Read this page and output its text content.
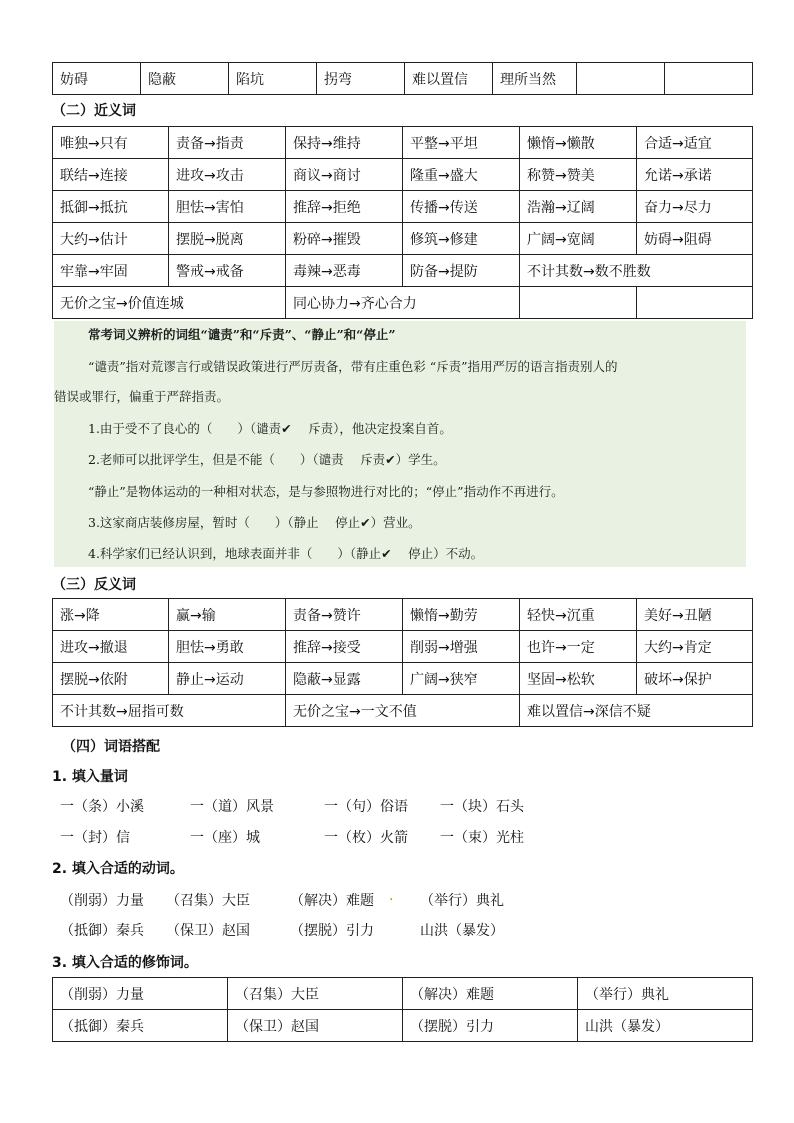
妨碍	隐蔽	陷坑	拐弯	难以置信	理所当然		
（二）近义词
唯独→只有	责备→指责	保持→维持	平整→平坦	懒惰→懒散	合适→适宜
联结→连接	进攻→攻击	商议→商讨	隆重→盛大	称赞→赞美	允诺→承诺
抵御→抵抗	胆怯→害怕	推辞→拒绝	传播→传送	浩瀚→辽阔	奋力→尽力
大约→估计	摆脱→脱离	粉碎→摧毁	修筑→修建	广阔→宽阔	妨碍→阻碍
牢靠→牢固	警戒→戒备	毒辣→恶毒	防备→提防	不计其数→数不胜数	
无价之宝→价值连城		同心协力→齐心合力			
常考词义辨析的词组“谴责”和“斥责”、“静止”和“停止”
“谴责”指对荒谬言行或错误政策进行严厉责备，带有庄重色彩 “斥责”指用严厉的语言指责别人的
错误或罪行，偏重于严辞指责。
1.由于受不了良心的（　　）（谴责✔　 斥责），他决定投案自首。
2.老师可以批评学生，但是不能（　　）（谴责　 斥责✔）学生。
“静止”是物体运动的一种相对状态，是与参照物进行对比的；“停止”指动作不再进行。
3.这家商店装修房屋，暂时（　　）（静止　 停止✔）营业。
4.科学家们已经认识到，地球表面并非（　　）（静止✔　 停止）不动。
（三）反义词
涨→降	赢→输	责备→赞许	懒惰→勤劳	轻快→沉重	美好→丑陋
进攻→撤退	胆怯→勇敢	推辞→接受	削弱→增强	也许→一定	大约→肯定
摆脱→依附	静止→运动	隐蔽→显露	广阔→狭窄	坚固→松软	破坏→保护
不计其数→屈指可数		无价之宝→一文不值		难以置信→深信不疑	
（四）词语搭配
1. 填入量词
一（条）小溪	一（道）风景	一（句）俗语 一（块）石头
一（封）信	一（座）城	一（枚）火箭 一（束）光柱
2. 填入合适的动词。
（削弱）力量 （召集）大臣	（解决）难题 . （举行）典礼
（抵御）秦兵 （保卫）赵国	（摆脱）引力	山洪（暴发）
3. 填入合适的修饰词。
（削弱）力量	（召集）大臣	（解决）难题	（举行）典礼
（抵御）秦兵	（保卫）赵国	（摆脱）引力	山洪（暴发）
